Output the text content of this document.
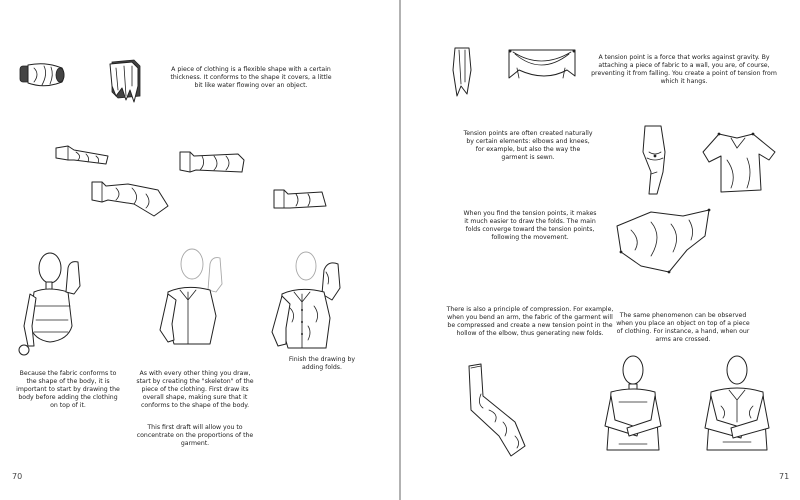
A piece of clothing is a flexible shape with a certain thickness. It conforms to the shape it covers, a little bit like water flowing over an object.
Because the fabric conforms to the shape of the body, it is important to start by drawing the body before adding the clothing on top of it.
As with every other thing you draw, start by creating the "skeleton" of the piece of the clothing. First draw its overall shape, making sure that it conforms to the shape of the body.
This first draft will allow you to concentrate on the proportions of the garment.
Finish the drawing by adding folds.
70
A tension point is a force that works against gravity. By attaching a piece of fabric to a wall, you are, of course, preventing it from falling. You create a point of tension from which it hangs.
Tension points are often created naturally by certain elements: elbows and knees, for example, but also the way the garment is sewn.
When you find the tension points, it makes it much easier to draw the folds. The main folds converge toward the tension points, following the movement.
There is also a principle of compression. For example, when you bend an arm, the fabric of the garment will be compressed and create a new tension point in the hollow of the elbow, thus generating new folds.
The same phenomenon can be observed when you place an object on top of a piece of clothing. For instance, a hand, when our arms are crossed.
71
